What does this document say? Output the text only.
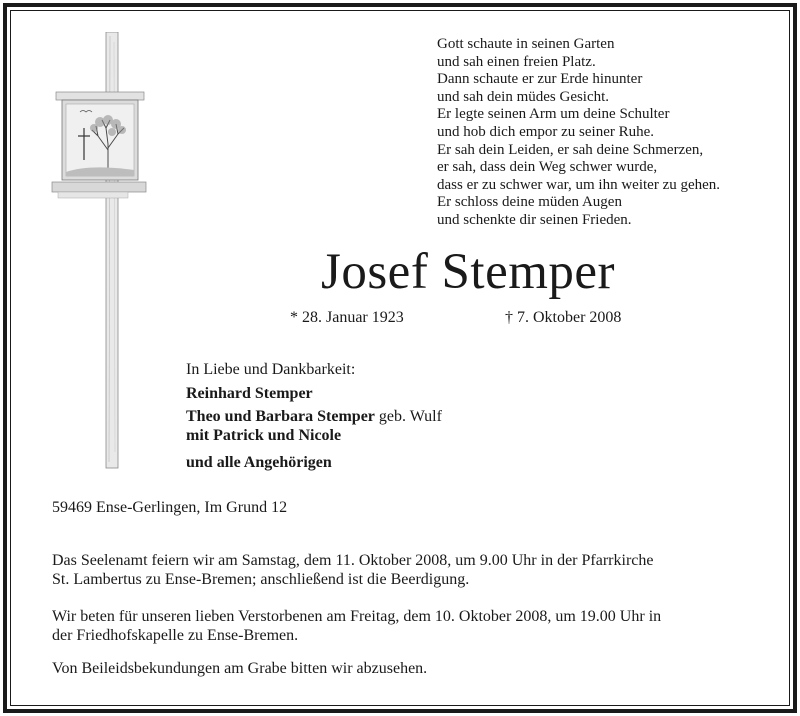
Gott schaute in seinen Garten
und sah einen freien Platz.
Dann schaute er zur Erde hinunter
und sah dein müdes Gesicht.
Er legte seinen Arm um deine Schulter
und hob dich empor zu seiner Ruhe.
Er sah dein Leiden, er sah deine Schmerzen,
er sah, dass dein Weg schwer wurde,
dass er zu schwer war, um ihn weiter zu gehen.
Er schloss deine müden Augen
und schenkte dir seinen Frieden.
Josef Stemper
* 28. Januar 1923	† 7. Oktober 2008
In Liebe und Dankbarkeit:
Reinhard Stemper
Theo und Barbara Stemper geb. Wulf
mit Patrick und Nicole
und alle Angehörigen
59469 Ense-Gerlingen, Im Grund 12
Das Seelenamt feiern wir am Samstag, dem 11. Oktober 2008, um 9.00 Uhr in der Pfarrkirche
St. Lambertus zu Ense-Bremen; anschließend ist die Beerdigung.
Wir beten für unseren lieben Verstorbenen am Freitag, dem 10. Oktober 2008, um 19.00 Uhr in
der Friedhofskapelle zu Ense-Bremen.
Von Beileidsbekundungen am Grabe bitten wir abzusehen.
